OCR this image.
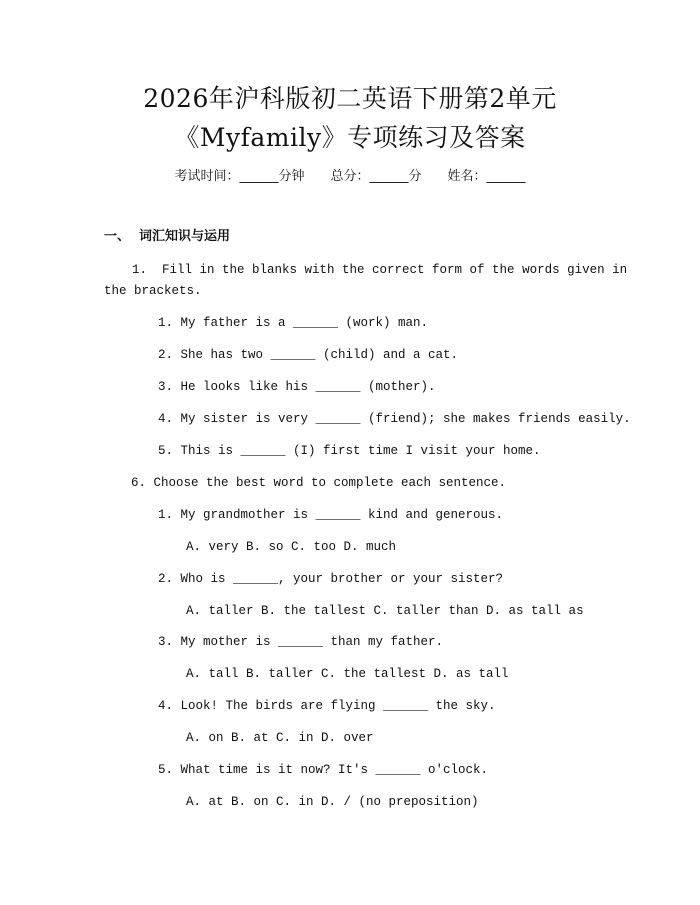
2026年沪科版初二英语下册第2单元
《Myfamily》专项练习及答案
考试时间：______分钟 总分：______分 姓名：______
一、  词汇知识与运用
1.  Fill in the blanks with the correct form of the words given in
the brackets.
1. My father is a ______ (work) man.
2. She has two ______ (child) and a cat.
3. He looks like his ______ (mother).
4. My sister is very ______ (friend); she makes friends easily.
5. This is ______ (I) first time I visit your home.
6. Choose the best word to complete each sentence.
1. My grandmother is ______ kind and generous.
A. very B. so C. too D. much
2. Who is ______, your brother or your sister?
A. taller B. the tallest C. taller than D. as tall as
3. My mother is ______ than my father.
A. tall B. taller C. the tallest D. as tall
4. Look! The birds are flying ______ the sky.
A. on B. at C. in D. over
5. What time is it now? It's ______ o'clock.
A. at B. on C. in D. / (no preposition)
